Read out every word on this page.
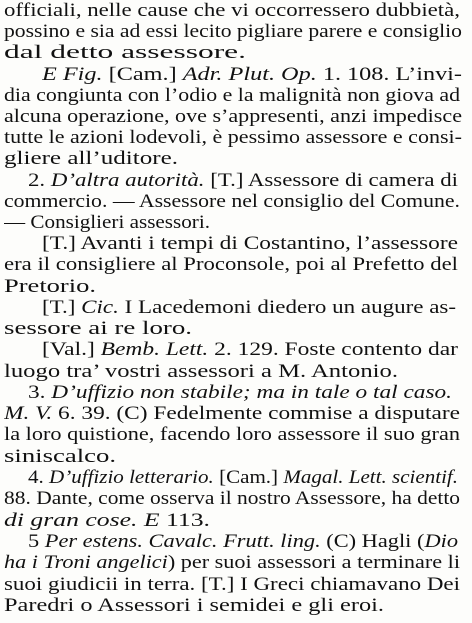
officiali, nelle cause che vi occorressero dubbietà,
possino e sia ad essi lecito pigliare parere e consiglio
dal detto assessore.
E Fig. [Cam.] Adr. Plut. Op. 1. 108. L’invi-
dia congiunta con l’odio e la malignità non giova ad
alcuna operazione, ove s’appresenti, anzi impedisce
tutte le azioni lodevoli, è pessimo assessore e consi-
gliere all’uditore.
2. D’altra autorità. [T.] Assessore di camera di
commercio. — Assessore nel consiglio del Comune.
— Consiglieri assessori.
[T.] Avanti i tempi di Costantino, l’assessore
era il consigliere al Proconsole, poi al Prefetto del
Pretorio.
[T.] Cic. I Lacedemoni diedero un augure as-
sessore ai re loro.
[Val.] Bemb. Lett. 2. 129. Foste contento dar
luogo tra’ vostri assessori a M. Antonio.
3. D’uffizio non stabile; ma in tale o tal caso.
M. V. 6. 39. (C) Fedelmente commise a disputare
la loro quistione, facendo loro assessore il suo gran
siniscalco.
4. D’uffizio letterario. [Cam.] Magal. Lett. scientif.
88. Dante, come osserva il nostro Assessore, ha detto
di gran cose. E 113.
5 Per estens. Cavalc. Frutt. ling. (C) Hagli (Dio
ha i Troni angelici) per suoi assessori a terminare li
suoi giudicii in terra. [T.] I Greci chiamavano Dei
Paredri o Assessori i semidei e gli eroi.
